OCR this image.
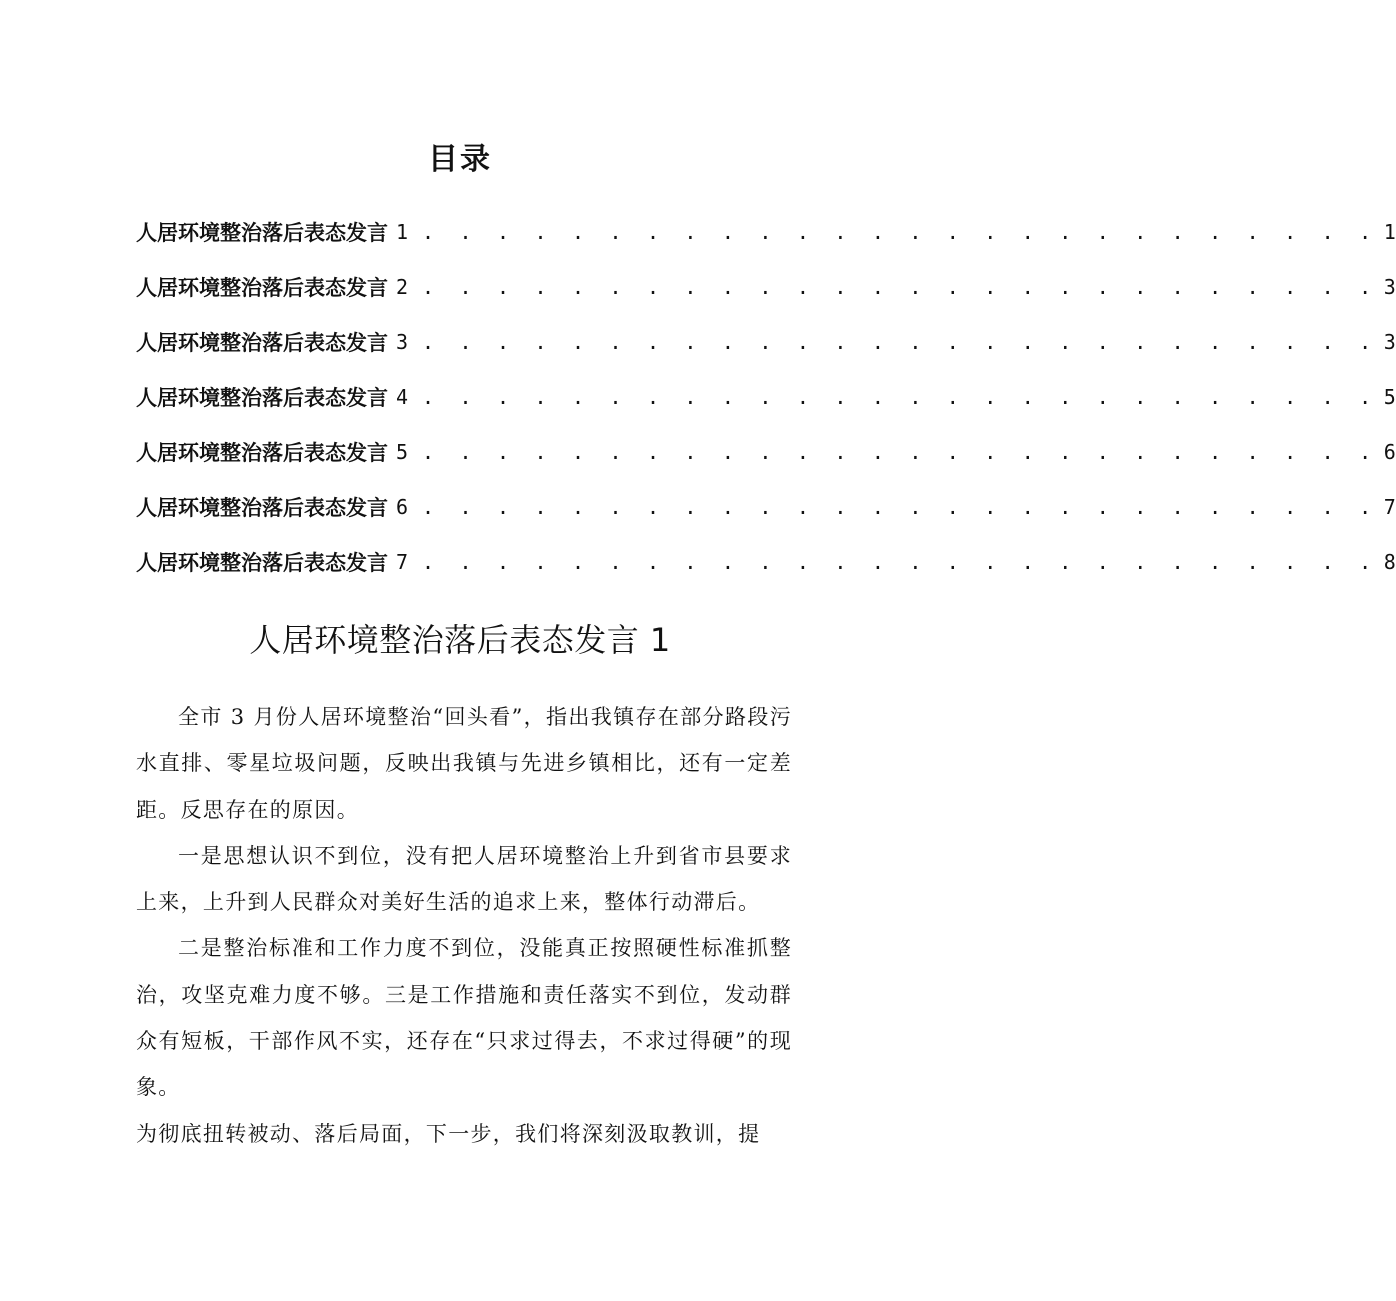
目录
人居环境整治落后表态发言 1 . . . . . . . . . . . . . . . . . . . . . . . . . . 1
人居环境整治落后表态发言 2 . . . . . . . . . . . . . . . . . . . . . . . . . . 3
人居环境整治落后表态发言 3 . . . . . . . . . . . . . . . . . . . . . . . . . . 3
人居环境整治落后表态发言 4 . . . . . . . . . . . . . . . . . . . . . . . . . . 5
人居环境整治落后表态发言 5 . . . . . . . . . . . . . . . . . . . . . . . . . . 6
人居环境整治落后表态发言 6 . . . . . . . . . . . . . . . . . . . . . . . . . . 7
人居环境整治落后表态发言 7 . . . . . . . . . . . . . . . . . . . . . . . . . . 8
人居环境整治落后表态发言 1

全市 3 月份人居环境整治“回头看”，指出我镇存在部分路段污水直排、零星垃圾问题，反映出我镇与先进乡镇相比，还有一定差距。反思存在的原因。

一是思想认识不到位，没有把人居环境整治上升到省市县要求上来，上升到人民群众对美好生活的追求上来，整体行动滞后。

二是整治标准和工作力度不到位，没能真正按照硬性标准抓整治，攻坚克难力度不够。三是工作措施和责任落实不到位，发动群众有短板，干部作风不实，还存在“只求过得去，不求过得硬”的现象。

为彻底扭转被动、落后局面，下一步，我们将深刻汲取教训，提
